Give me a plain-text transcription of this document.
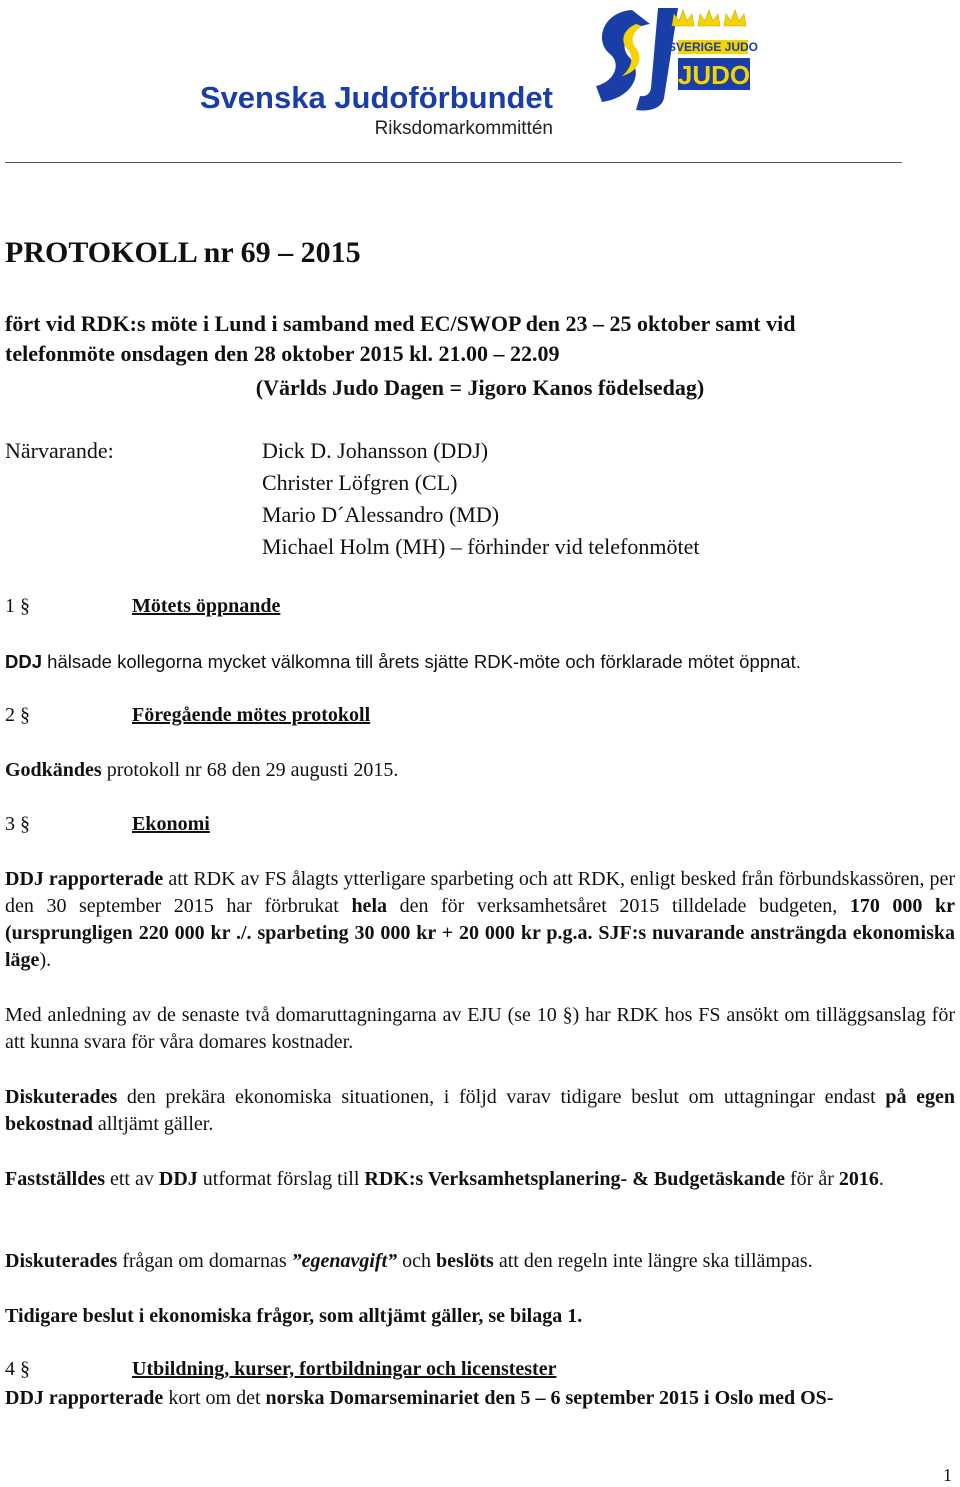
Svenska Judoförbundet
Riksdomarkommittén
SVERIGE JUDO
JUDO
PROTOKOLL nr 69 – 2015
fört vid RDK:s möte i Lund i samband med EC/SWOP den 23 – 25 oktober samt vid
telefonmöte onsdagen den 28 oktober 2015 kl. 21.00 – 22.09
(Världs Judo Dagen = Jigoro Kanos födelsedag)
Närvarande:	Dick D. Johansson (DDJ)
Christer Löfgren (CL)
Mario D´Alessandro (MD)
Michael Holm (MH) – förhinder vid telefonmötet
1 §	Mötets öppnande
DDJ hälsade kollegorna mycket välkomna till årets sjätte RDK-möte och förklarade mötet öppnat.
2 §	Föregående mötes protokoll
Godkändes protokoll nr 68 den 29 augusti 2015.
3 §	Ekonomi
DDJ rapporterade att RDK av FS ålagts ytterligare sparbeting och att RDK, enligt besked från förbundskassören, per den 30 september 2015 har förbrukat hela den för verksamhetsåret 2015 tilldelade budgeten, 170 000 kr (ursprungligen 220 000 kr ./. sparbeting 30 000 kr + 20 000 kr p.g.a. SJF:s nuvarande ansträngda ekonomiska läge).
Med anledning av de senaste två domaruttagningarna av EJU (se 10 §) har RDK hos FS ansökt om tilläggsanslag för att kunna svara för våra domares kostnader.
Diskuterades den prekära ekonomiska situationen, i följd varav tidigare beslut om uttagningar endast på egen bekostnad alltjämt gäller.
Fastställdes ett av DDJ utformat förslag till RDK:s Verksamhetsplanering- & Budgetäskande för år 2016.
Diskuterades frågan om domarnas ”egenavgift” och beslöts att den regeln inte längre ska tillämpas.
Tidigare beslut i ekonomiska frågor, som alltjämt gäller, se bilaga 1.
4 §	Utbildning, kurser, fortbildningar och licenstester
DDJ rapporterade kort om det norska Domarseminariet den 5 – 6 september 2015 i Oslo med OS-
1
